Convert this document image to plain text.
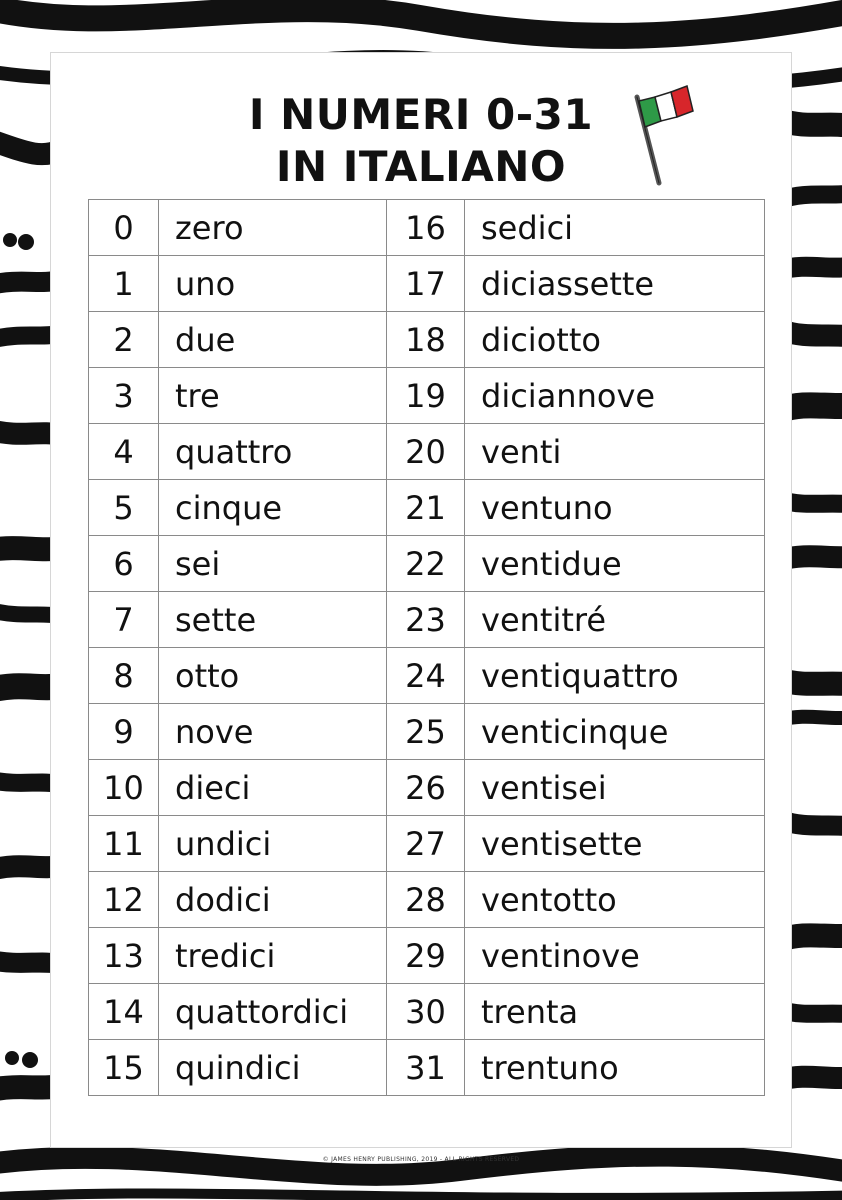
I NUMERI 0-31
IN ITALIANO
0	zero	16	sedici
1	uno	17	diciassette
2	due	18	diciotto
3	tre	19	diciannove
4	quattro	20	venti
5	cinque	21	ventuno
6	sei	22	ventidue
7	sette	23	ventitré
8	otto	24	ventiquattro
9	nove	25	venticinque
10	dieci	26	ventisei
11	undici	27	ventisette
12	dodici	28	ventotto
13	tredici	29	ventinove
14	quattordici	30	trenta
15	quindici	31	trentuno
© JAMES HENRY PUBLISHING, 2019 - ALL RIGHTS RESERVED
